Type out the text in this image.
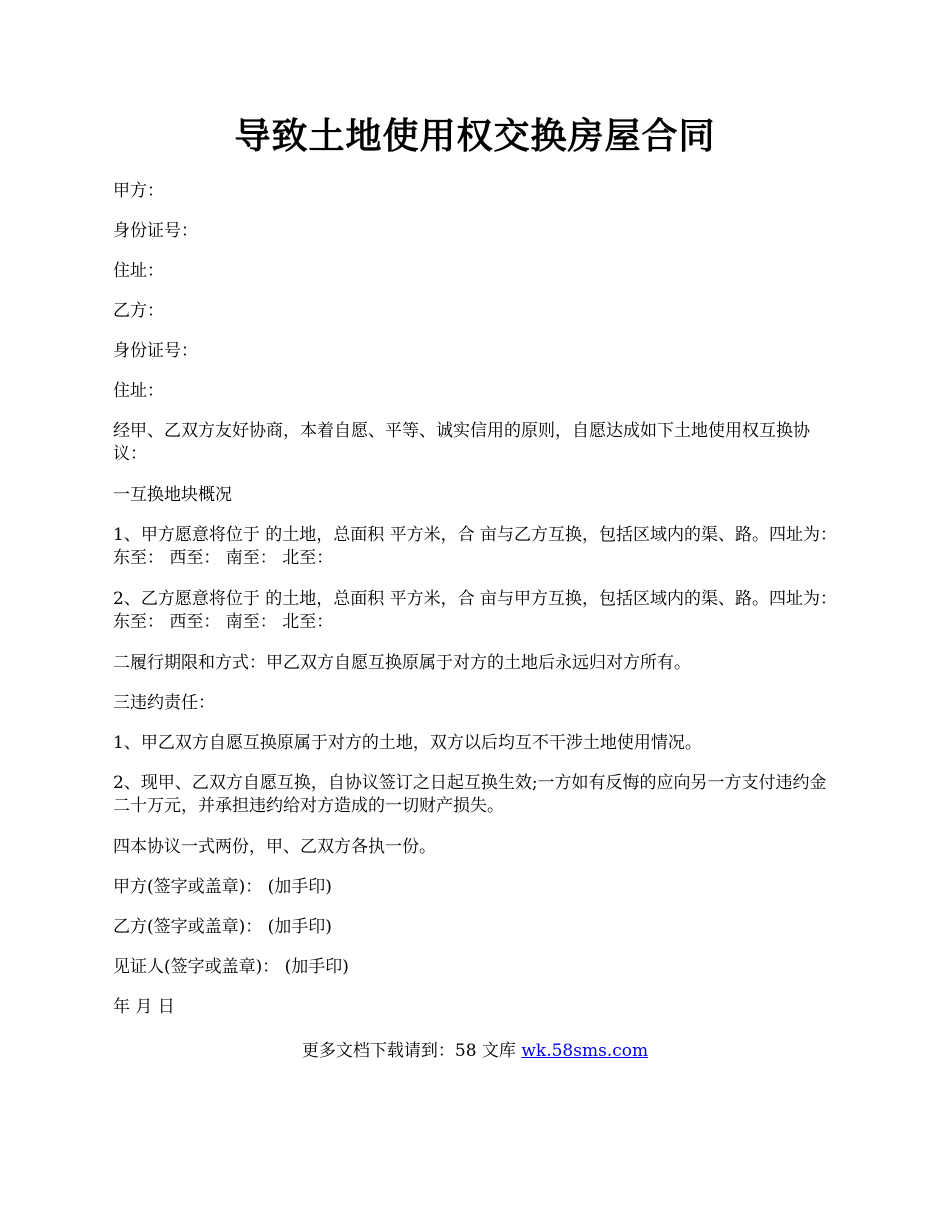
导致土地使用权交换房屋合同

甲方：

身份证号：

住址：

乙方：

身份证号：

住址：

经甲、乙双方友好协商，本着自愿、平等、诚实信用的原则，自愿达成如下土地使用权互换协议：

一互换地块概况

1、甲方愿意将位于 的土地，总面积 平方米，合 亩与乙方互换，包括区域内的渠、路。四址为： 东至： 西至： 南至： 北至：

2、乙方愿意将位于 的土地，总面积 平方米，合 亩与甲方互换，包括区域内的渠、路。四址为： 东至： 西至： 南至： 北至：

二履行期限和方式：甲乙双方自愿互换原属于对方的土地后永远归对方所有。

三违约责任：

1、甲乙双方自愿互换原属于对方的土地，双方以后均互不干涉土地使用情况。

2、现甲、乙双方自愿互换，自协议签订之日起互换生效;一方如有反悔的应向另一方支付违约金二十万元，并承担违约给对方造成的一切财产损失。

四本协议一式两份，甲、乙双方各执一份。

甲方(签字或盖章)： (加手印)

乙方(签字或盖章)： (加手印)

见证人(签字或盖章)： (加手印)

年 月 日

更多文档下载请到：58 文库 wk.58sms.com
